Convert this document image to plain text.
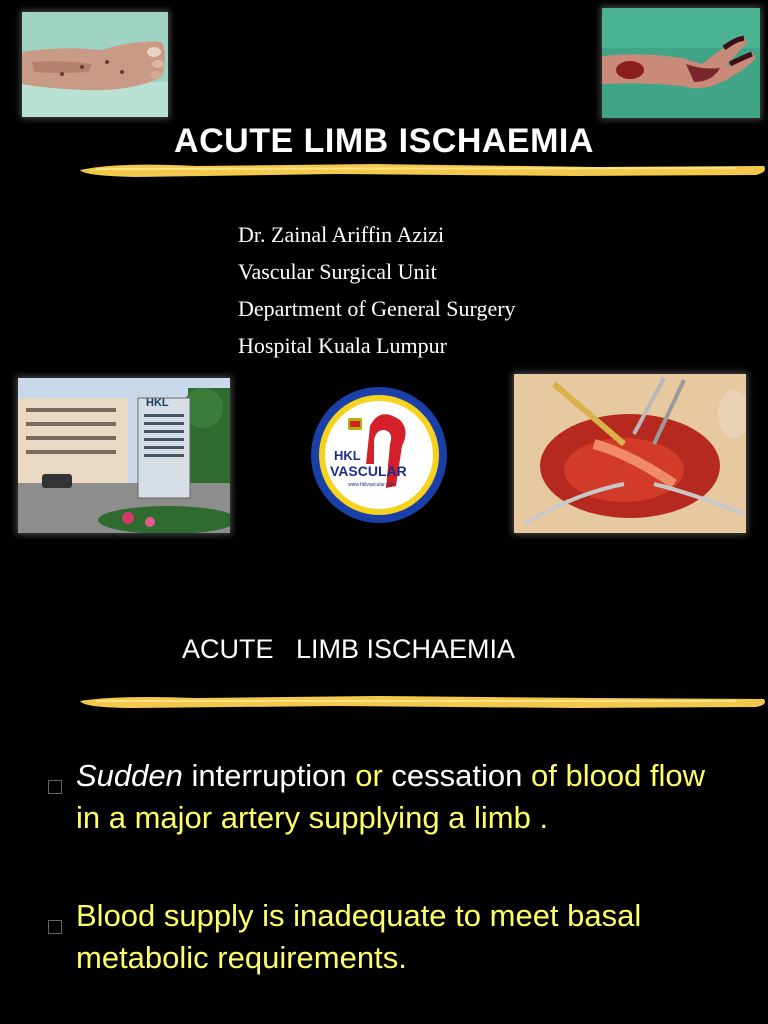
ACUTE LIMB ISCHAEMIA
Dr. Zainal Ariffin Azizi
Vascular Surgical Unit
Department of General Surgery
Hospital Kuala Lumpur
HKL
HKL
VASCULAR
www.hklvascular.com
ACUTE   LIMB ISCHAEMIA
Sudden interruption or cessation of blood flow in a major artery supplying a limb .
Blood supply is inadequate to meet basal metabolic requirements.
